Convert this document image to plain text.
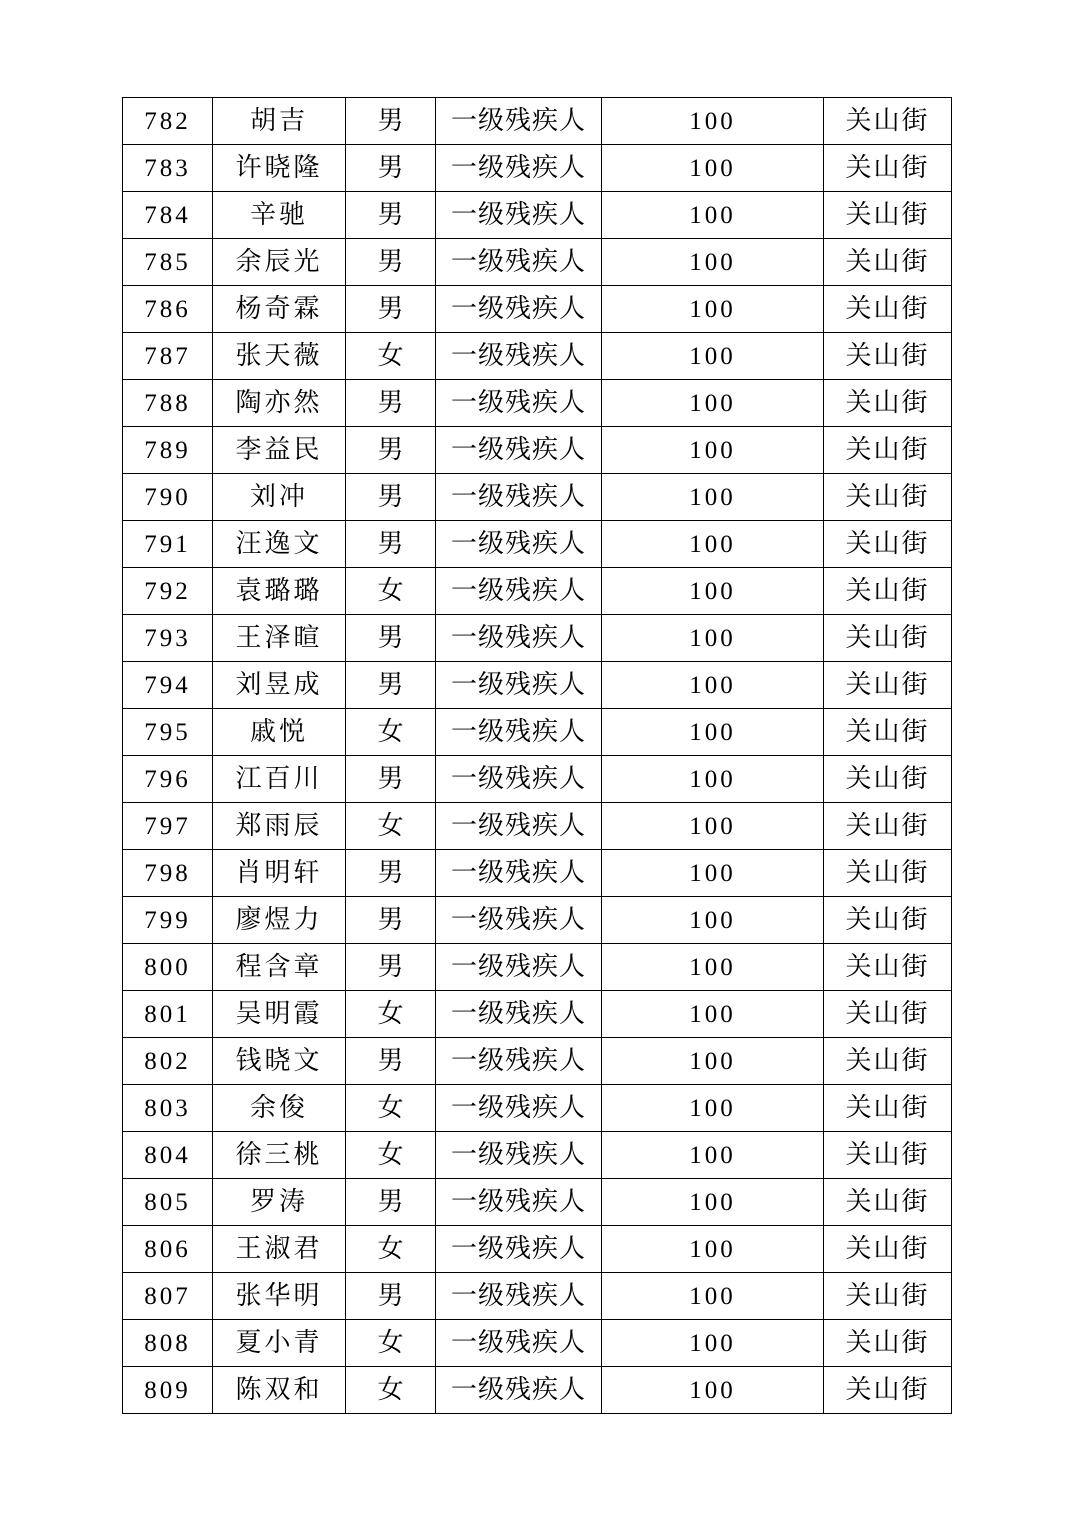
782	胡吉	男	一级残疾人	100	关山街
783	许晓隆	男	一级残疾人	100	关山街
784	辛驰	男	一级残疾人	100	关山街
785	余辰光	男	一级残疾人	100	关山街
786	杨奇霖	男	一级残疾人	100	关山街
787	张天薇	女	一级残疾人	100	关山街
788	陶亦然	男	一级残疾人	100	关山街
789	李益民	男	一级残疾人	100	关山街
790	刘冲	男	一级残疾人	100	关山街
791	汪逸文	男	一级残疾人	100	关山街
792	袁璐璐	女	一级残疾人	100	关山街
793	王泽暄	男	一级残疾人	100	关山街
794	刘昱成	男	一级残疾人	100	关山街
795	戚悦	女	一级残疾人	100	关山街
796	江百川	男	一级残疾人	100	关山街
797	郑雨辰	女	一级残疾人	100	关山街
798	肖明轩	男	一级残疾人	100	关山街
799	廖煜力	男	一级残疾人	100	关山街
800	程含章	男	一级残疾人	100	关山街
801	吴明霞	女	一级残疾人	100	关山街
802	钱晓文	男	一级残疾人	100	关山街
803	余俊	女	一级残疾人	100	关山街
804	徐三桃	女	一级残疾人	100	关山街
805	罗涛	男	一级残疾人	100	关山街
806	王淑君	女	一级残疾人	100	关山街
807	张华明	男	一级残疾人	100	关山街
808	夏小青	女	一级残疾人	100	关山街
809	陈双和	女	一级残疾人	100	关山街
